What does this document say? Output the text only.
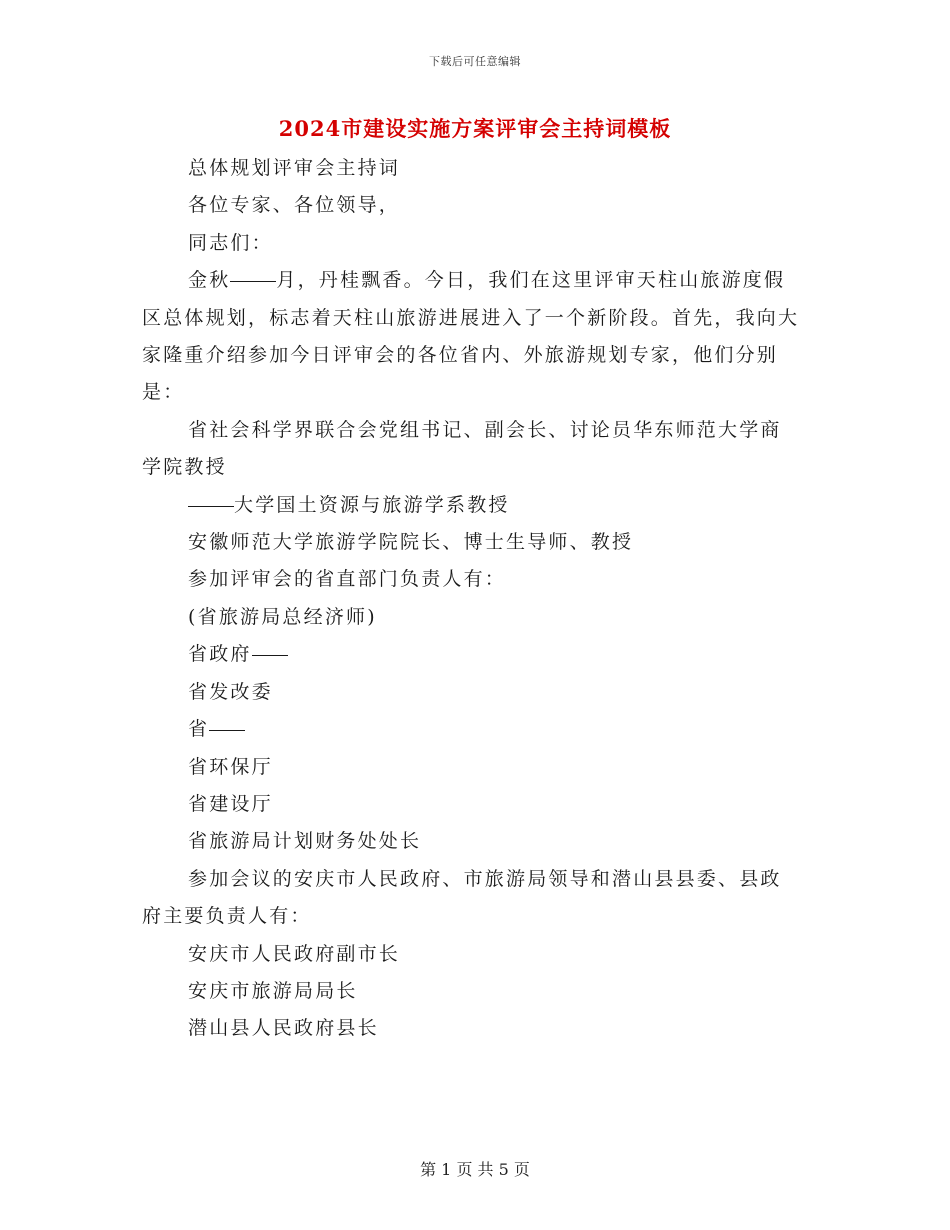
下载后可任意编辑
2024市建设实施方案评审会主持词模板

总体规划评审会主持词

各位专家、各位领导，

同志们：

金秋 月，丹桂飘香。今日，我们在这里评审天柱山旅游度假区总体规划，标志着天柱山旅游进展进入了一个新阶段。首先，我向大家隆重介绍参加今日评审会的各位省内、外旅游规划专家，他们分别是：

省社会科学界联合会党组书记、副会长、讨论员华东师范大学商学院教授

大学国土资源与旅游学系教授

安徽师范大学旅游学院院长、博士生导师、教授

参加评审会的省直部门负责人有：

(省旅游局总经济师)

省政府

省发改委

省

省环保厅

省建设厅

省旅游局计划财务处处长

参加会议的安庆市人民政府、市旅游局领导和潜山县县委、县政府主要负责人有：

安庆市人民政府副市长

安庆市旅游局局长

潜山县人民政府县长

第 1 页 共 5 页
